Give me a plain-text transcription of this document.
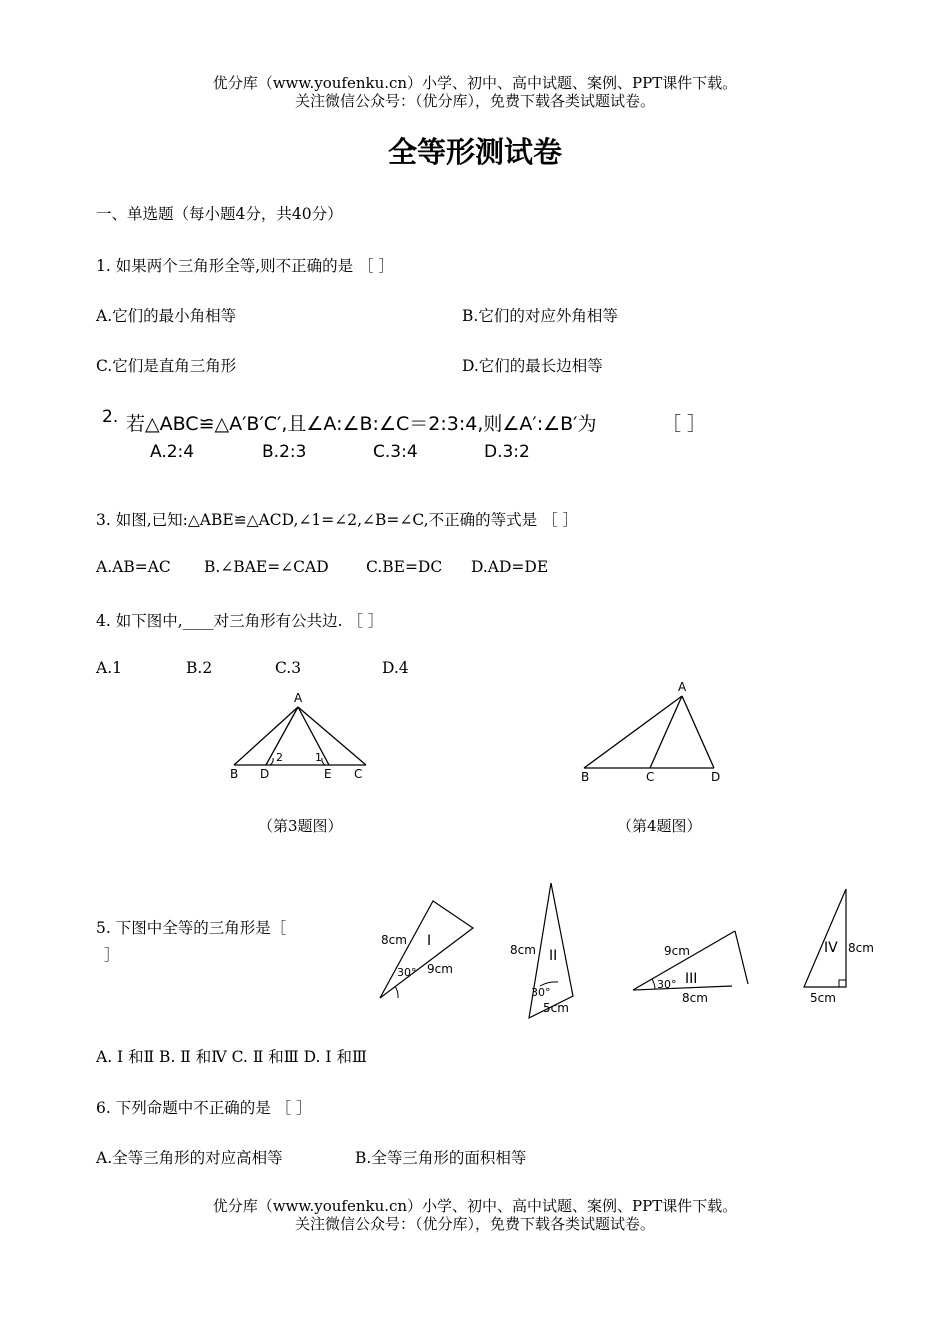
优分库（www.youfenku.cn）小学、初中、高中试题、案例、PPT课件下载。
关注微信公众号：（优分库），免费下载各类试题试卷。
全等形测试卷
一、单选题（每小题4分，共40分）
1. 如果两个三角形全等,则不正确的是 ［ ］
A.它们的最小角相等	B.它们的对应外角相等
C.它们是直角三角形	D.它们的最长边相等
2. 若△ABC≌△A′B′C′,且∠A:∠B:∠C＝2:3:4,则∠A′:∠B′为	［ ］
A.2:4	B.2:3	C.3:4	D.3:2
3. 如图,已知:△ABE≌△ACD,∠1=∠2,∠B=∠C,不正确的等式是 ［ ］
A.AB=AC B.∠BAE=∠CAD C.BE=DC D.AD=DE
4. 如下图中,____对三角形有公共边. ［ ］
A.1	B.2	C.3	D.4
A
B D	E C
2	1
（第3题图）
A
B	C	D
（第4题图）
5. 下图中全等的三角形是［
］
I
8cm
9cm
30°
II
8cm
5cm
30°
III
9cm
8cm
30°
IV 8cm
5cm
A. Ⅰ 和Ⅱ B. Ⅱ 和Ⅳ C. Ⅱ 和Ⅲ D. Ⅰ 和Ⅲ
6. 下列命题中不正确的是 ［ ］
A.全等三角形的对应高相等	B.全等三角形的面积相等
优分库（www.youfenku.cn）小学、初中、高中试题、案例、PPT课件下载。
关注微信公众号：（优分库），免费下载各类试题试卷。
